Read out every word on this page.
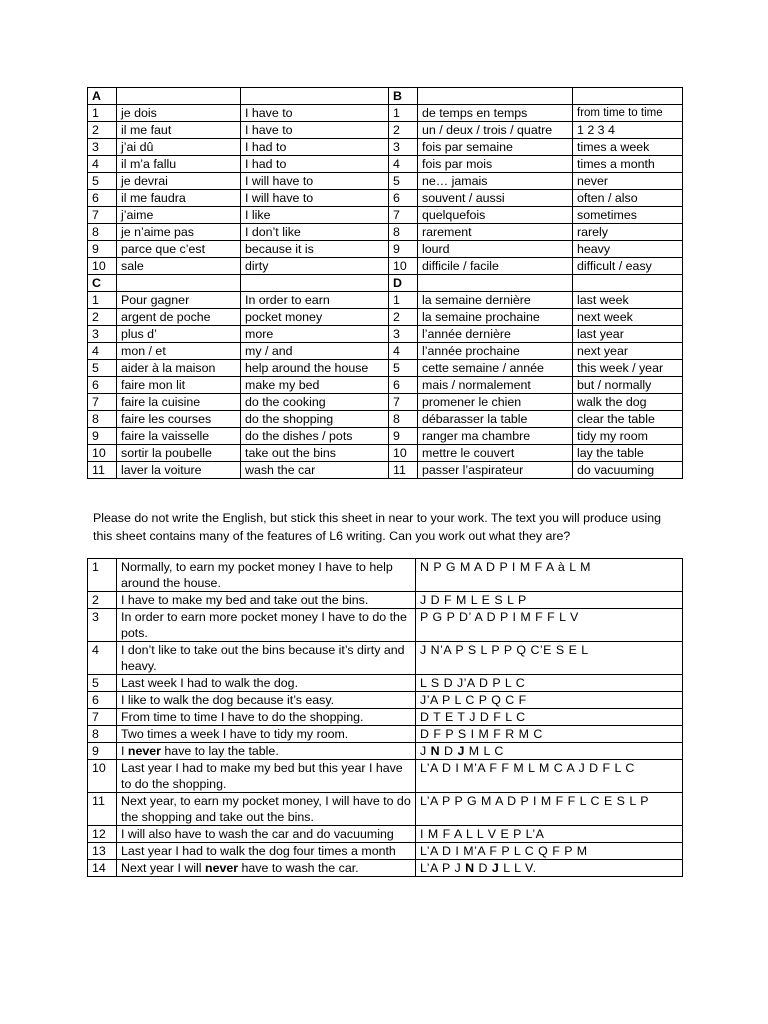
A			B		
1	je dois	I have to	1	de temps en temps	from time to time
2	il me faut	I have to	2	un / deux / trois / quatre	1 2 3 4
3	j’ai dû	I had to	3	fois par semaine	times a week
4	il m’a fallu	I had to	4	fois par mois	times a month
5	je devrai	I will have to	5	ne… jamais	never
6	il me faudra	I will have to	6	souvent / aussi	often / also
7	j’aime	I like	7	quelquefois	sometimes
8	je n’aime pas	I don’t like	8	rarement	rarely
9	parce que c’est	because it is	9	lourd	heavy
10	sale	dirty	10	difficile / facile	difficult / easy
C			D		
1	Pour gagner	In order to earn	1	la semaine dernière	last week
2	argent de poche	pocket money	2	la semaine prochaine	next week
3	plus d’	more	3	l’année dernière	last year
4	mon / et	my / and	4	l’année prochaine	next year
5	aider à la maison	help around the house	5	cette semaine / année	this week / year
6	faire mon lit	make my bed	6	mais / normalement	but / normally
7	faire la cuisine	do the cooking	7	promener le chien	walk the dog
8	faire les courses	do the shopping	8	débarasser la table	clear the table
9	faire la vaisselle	do the dishes / pots	9	ranger ma chambre	tidy my room
10	sortir la poubelle	take out the bins	10	mettre le couvert	lay the table
11	laver la voiture	wash the car	11	passer l’aspirateur	do vacuuming
Please do not write the English, but stick this sheet in near to your work. The text you will produce using this sheet contains many of the features of L6 writing. Can you work out what they are?
1	Normally, to earn my pocket money I have to help around the house.	N P G M A D P I M F A à L M
2	I have to make my bed and take out the bins.	J D F M L E S L P
3	In order to earn more pocket money I have to do the pots.	P G P D’ A D P I M F F L V
4	I don’t like to take out the bins because it’s dirty and heavy.	J N’A P S L P P Q C’E S E L
5	Last week I had to walk the dog.	L S D J’A D P L C
6	I like to walk the dog because it’s easy.	J’A P L C P Q C F
7	From time to time I have to do the shopping.	D T E T J D F L C
8	Two times a week I have to tidy my room.	D F P S I M F R M C
9	I never have to lay the table.	J N D J M L C
10	Last year I had to make my bed but this year I have to do the shopping.	L’A D I M’A F F M L M C A J D F L C
11	Next year, to earn my pocket money, I will have to do the shopping and take out the bins.	L’A P P G M A D P I M F F L C E S L P
12	I will also have to wash the car and do vacuuming	I M F A L L V E P L’A
13	Last year I had to walk the dog four times a month	L’A D I M’A F P L C Q F P M
14	Next year I will never have to wash the car.	L’A P J N D J L L V.
